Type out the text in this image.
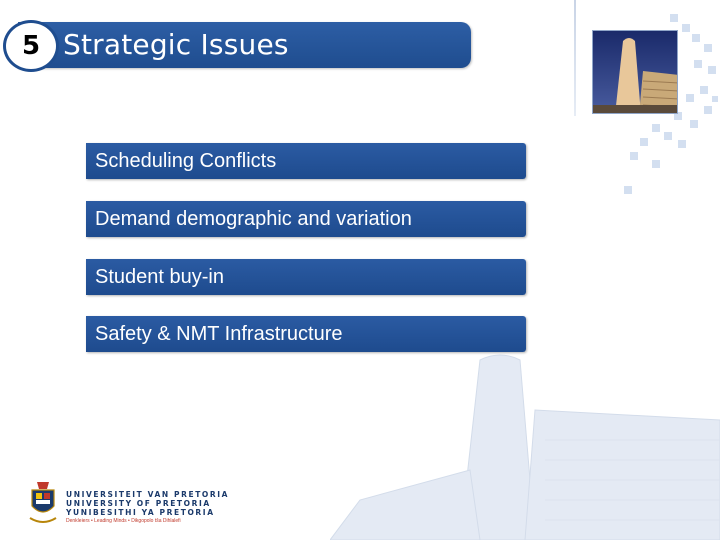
Strategic Issues
5
Scheduling Conflicts
Demand demographic and variation
Student buy-in
Safety & NMT Infrastructure
UNIVERSITEIT VAN PRETORIA
UNIVERSITY OF PRETORIA
YUNIBESITHI YA PRETORIA
Denkleiers • Leading Minds • Dikgopolo tša Dihlalefi
